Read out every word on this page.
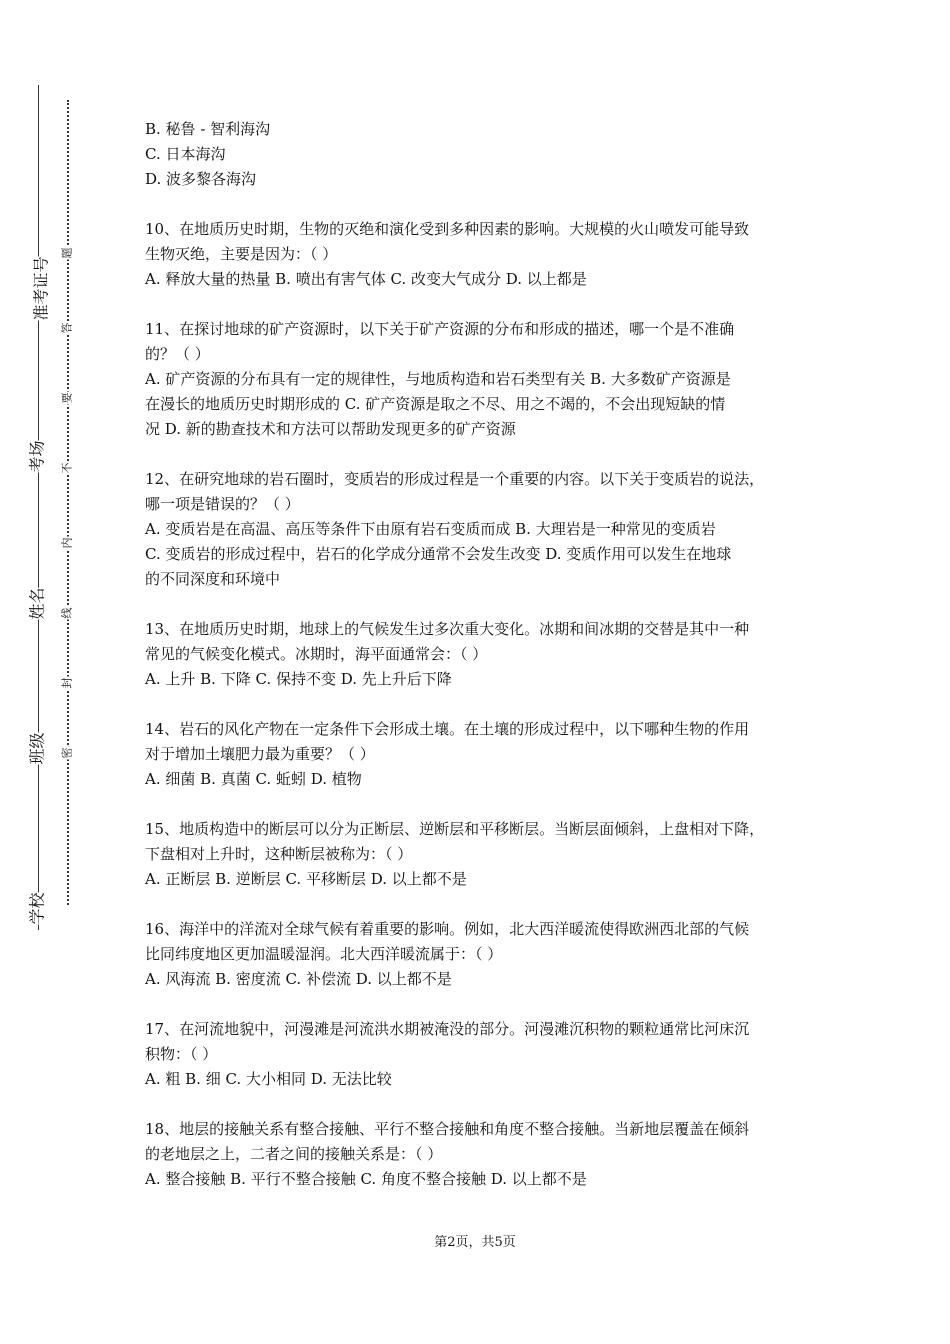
准考证号
考场
姓名
班级
学校
题
答
要
不
内
线
封
密
B. 秘鲁 - 智利海沟
C. 日本海沟
D. 波多黎各海沟
10、在地质历史时期，生物的灭绝和演化受到多种因素的影响。大规模的火山喷发可能导致
生物灭绝，主要是因为：（ ）
A. 释放大量的热量 B. 喷出有害气体 C. 改变大气成分 D. 以上都是
11、在探讨地球的矿产资源时，以下关于矿产资源的分布和形成的描述，哪一个是不准确
的？（ ）
A. 矿产资源的分布具有一定的规律性，与地质构造和岩石类型有关 B. 大多数矿产资源是
在漫长的地质历史时期形成的 C. 矿产资源是取之不尽、用之不竭的，不会出现短缺的情
况 D. 新的勘查技术和方法可以帮助发现更多的矿产资源
12、在研究地球的岩石圈时，变质岩的形成过程是一个重要的内容。以下关于变质岩的说法，
哪一项是错误的？（ ）
A. 变质岩是在高温、高压等条件下由原有岩石变质而成 B. 大理岩是一种常见的变质岩
C. 变质岩的形成过程中，岩石的化学成分通常不会发生改变 D. 变质作用可以发生在地球
的不同深度和环境中
13、在地质历史时期，地球上的气候发生过多次重大变化。冰期和间冰期的交替是其中一种
常见的气候变化模式。冰期时，海平面通常会：（ ）
A. 上升 B. 下降 C. 保持不变 D. 先上升后下降
14、岩石的风化产物在一定条件下会形成土壤。在土壤的形成过程中，以下哪种生物的作用
对于增加土壤肥力最为重要？（ ）
A. 细菌 B. 真菌 C. 蚯蚓 D. 植物
15、地质构造中的断层可以分为正断层、逆断层和平移断层。当断层面倾斜，上盘相对下降，
下盘相对上升时，这种断层被称为：（ ）
A. 正断层 B. 逆断层 C. 平移断层 D. 以上都不是
16、海洋中的洋流对全球气候有着重要的影响。例如，北大西洋暖流使得欧洲西北部的气候
比同纬度地区更加温暖湿润。北大西洋暖流属于：（ ）
A. 风海流 B. 密度流 C. 补偿流 D. 以上都不是
17、在河流地貌中，河漫滩是河流洪水期被淹没的部分。河漫滩沉积物的颗粒通常比河床沉
积物：（ ）
A. 粗 B. 细 C. 大小相同 D. 无法比较
18、地层的接触关系有整合接触、平行不整合接触和角度不整合接触。当新地层覆盖在倾斜
的老地层之上，二者之间的接触关系是：（ ）
A. 整合接触 B. 平行不整合接触 C. 角度不整合接触 D. 以上都不是
第2页，共5页
